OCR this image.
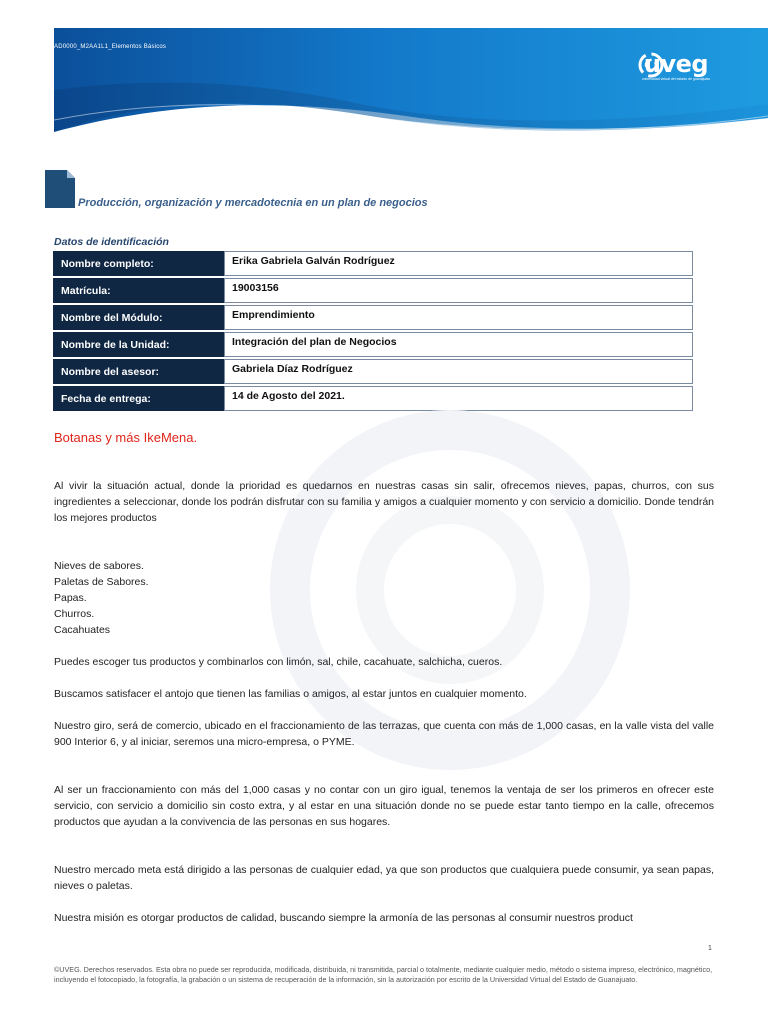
AD0000_M2AA1L1_Elementos Básicos
uveg
universidad virtual del estado de guanajuato
Producción, organización y mercadotecnia en un plan de negocios
Datos de identificación
Nombre completo:	Erika Gabriela Galván Rodríguez
Matrícula:	19003156
Nombre del Módulo:	Emprendimiento
Nombre de la Unidad:	Integración del plan de Negocios
Nombre del asesor:	Gabriela Díaz Rodríguez
Fecha de entrega:	14 de Agosto del 2021.
Botanas y más IkeMena.

Al vivir la situación actual, donde la prioridad es quedarnos en nuestras casas sin salir, ofrecemos nieves, papas, churros, con sus ingredientes a seleccionar, donde los podrán disfrutar con su familia y amigos a cualquier momento y con servicio a domicilio. Donde tendrán los mejores productos

Nieves de sabores.
Paletas de Sabores.
Papas.
Churros.
Cacahuates

Puedes escoger tus productos y combinarlos con limón, sal, chile, cacahuate, salchicha, cueros.

Buscamos satisfacer el antojo que tienen las familias o amigos, al estar juntos en cualquier momento.

Nuestro giro, será de comercio, ubicado en el fraccionamiento de las terrazas, que cuenta con más de 1,000 casas, en la valle vista del valle 900 Interior 6, y al iniciar, seremos una micro-empresa, o PYME.

Al ser un fraccionamiento con más del 1,000 casas y no contar con un giro igual, tenemos la ventaja de ser los primeros en ofrecer este servicio, con servicio a domicilio sin costo extra, y al estar en una situación donde no se puede estar tanto tiempo en la calle, ofrecemos productos que ayudan a la convivencia de las personas en sus hogares.

Nuestro mercado meta está dirigido a las personas de cualquier edad, ya que son productos que cualquiera puede consumir, ya sean papas, nieves o paletas.

Nuestra misión es otorgar productos de calidad, buscando siempre la armonía de las personas al consumir nuestros product

1
©UVEG. Derechos reservados. Esta obra no puede ser reproducida, modificada, distribuida, ni transmitida, parcial o totalmente, mediante cualquier medio, método o sistema impreso, electrónico, magnético, incluyendo el fotocopiado, la fotografía, la grabación o un sistema de recuperación de la información, sin la autorización por escrito de la Universidad Virtual del Estado de Guanajuato.
